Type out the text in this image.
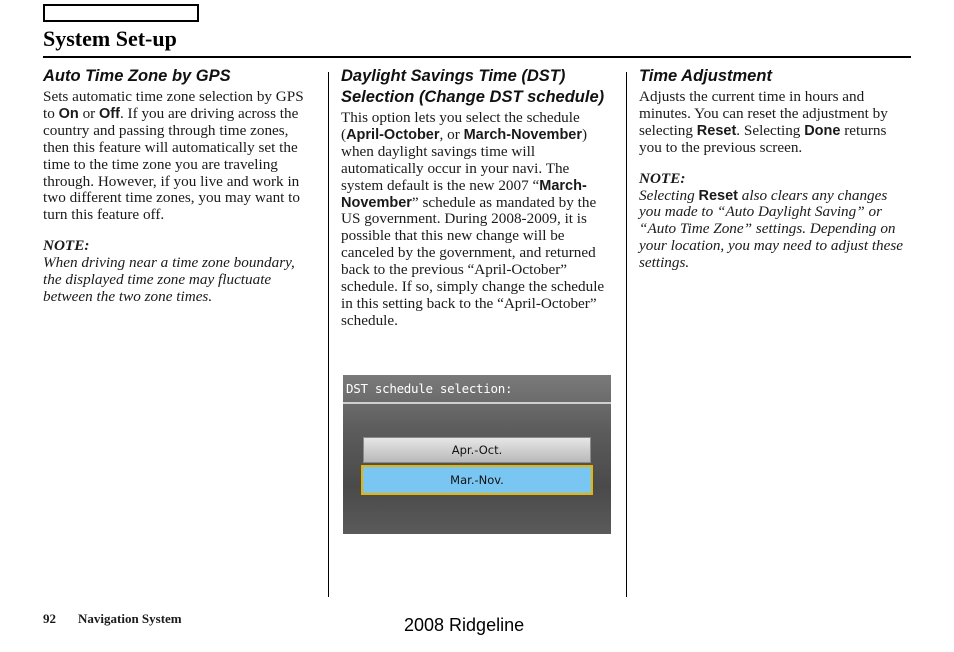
System Set-up
Auto Time Zone by GPS

Sets automatic time zone selection by GPS to On or Off. If you are driving across the country and passing through time zones, then this feature will automatically set the time to the time zone you are traveling through. However, if you live and work in two different time zones, you may want to turn this feature off.

NOTE:

When driving near a time zone boundary, the displayed time zone may fluctuate between the two zone times.

Daylight Savings Time (DST) Selection (Change DST schedule)

This option lets you select the schedule (April-October, or March-November) when daylight savings time will automatically occur in your navi. The system default is the new 2007 “March-November” schedule as mandated by the US government. During 2008-2009, it is possible that this new change will be canceled by the government, and returned back to the previous “April-October” schedule. If so, simply change the schedule in this setting back to the “April-October” schedule.

DST schedule selection:
Apr.-Oct.
Mar.-Nov.
Time Adjustment

Adjusts the current time in hours and minutes. You can reset the adjustment by selecting Reset. Selecting Done returns you to the previous screen.

NOTE:

Selecting Reset also clears any changes you made to “Auto Daylight Saving” or “Auto Time Zone” settings. Depending on your location, you may need to adjust these settings.

92 Navigation System	2008 Ridgeline
